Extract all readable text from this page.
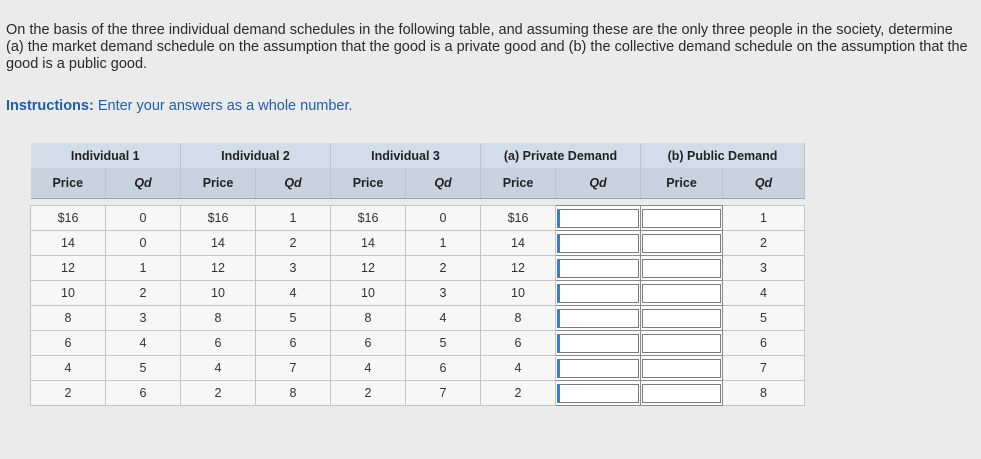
On the basis of the three individual demand schedules in the following table, and assuming these are the only three people in the society, determine (a) the market demand schedule on the assumption that the good is a private good and (b) the collective demand schedule on the assumption that the good is a public good.
Instructions: Enter your answers as a whole number.
Individual 1		Individual 2		Individual 3		(a) Private Demand		(b) Public Demand	
Price	Qd	Price	Qd	Price	Qd	Price	Qd	Price	Qd

$16	0	$16	1	$16	0	$16			1
14	0	14	2	14	1	14			2
12	1	12	3	12	2	12			3
10	2	10	4	10	3	10			4
8	3	8	5	8	4	8			5
6	4	6	6	6	5	6			6
4	5	4	7	4	6	4			7
2	6	2	8	2	7	2			8
